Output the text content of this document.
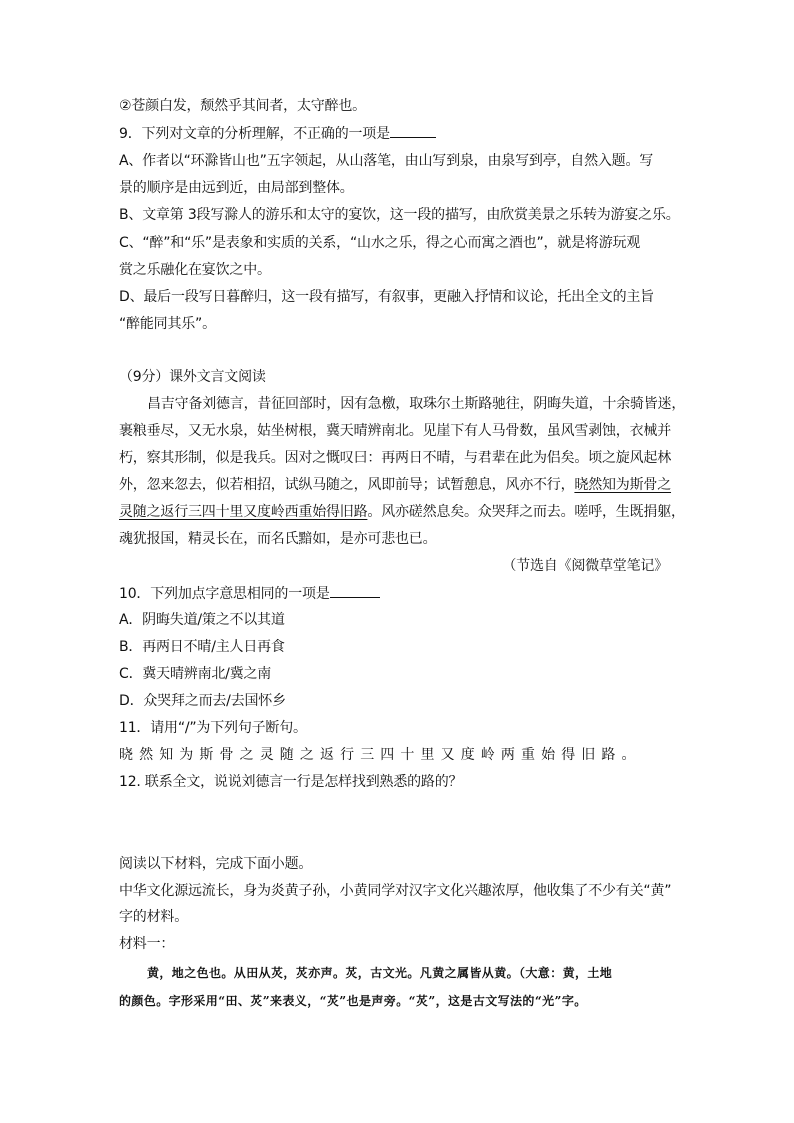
②苍颜白发，颓然乎其间者，太守醉也。
9．下列对文章的分析理解，不正确的一项是
A、作者以“环滁皆山也”五字领起，从山落笔，由山写到泉，由泉写到亭，自然入题。写
景的顺序是由远到近，由局部到整体。
B、文章第 3段写滁人的游乐和太守的宴饮，这一段的描写，由欣赏美景之乐转为游宴之乐。
C、“醉”和“乐”是表象和实质的关系，“山水之乐，得之心而寓之酒也”，就是将游玩观
赏之乐融化在宴饮之中。
D、最后一段写日暮醉归，这一段有描写，有叙事，更融入抒情和议论，托出全文的主旨
“醉能同其乐”。
（9分）课外文言文阅读
昌吉守备刘德言，昔征回部时，因有急檄，取珠尔土斯路驰往，阴晦失道，十余骑皆迷，
裹粮垂尽，又无水泉，姑坐树根，冀天晴辨南北。见崖下有人马骨数，虽风雪剥蚀，衣械并
朽，察其形制，似是我兵。因对之慨叹曰：再两日不晴，与君辈在此为侣矣。顷之旋风起林
外，忽来忽去，似若相招，试纵马随之，风即前导；试暂憩息，风亦不行，晓然知为斯骨之
灵随之返行三四十里又度岭西重始得旧路。风亦磋然息矣。众哭拜之而去。嗟呼，生既捐躯，
魂犹报国，精灵长在，而名氏黯如，是亦可悲也已。
（节选自《阅微草堂笔记》
10．下列加点字意思相同的一项是
A．阴晦失道/策之不以其道
B．再两日不晴/主人日再食
C．冀天晴辨南北/冀之南
D．众哭拜之而去/去国怀乡
11．请用“/”为下列句子断句。
晓然知为斯骨之灵随之返行三四十里又度岭两重始得旧路。
12. 联系全文，说说刘德言一行是怎样找到熟悉的路的？
阅读以下材料，完成下面小题。
中华文化源远流长，身为炎黄子孙，小黄同学对汉字文化兴趣浓厚，他收集了不少有关“黄”
字的材料。
材料一：
黄，地之色也。从田从炗，炗亦声。炗，古文光。凡黄之属皆从黄。（大意：黄，土地
的颜色。字形采用“田、炗”来表义，“炗”也是声旁。“炗”，这是古文写法的“光”字。
